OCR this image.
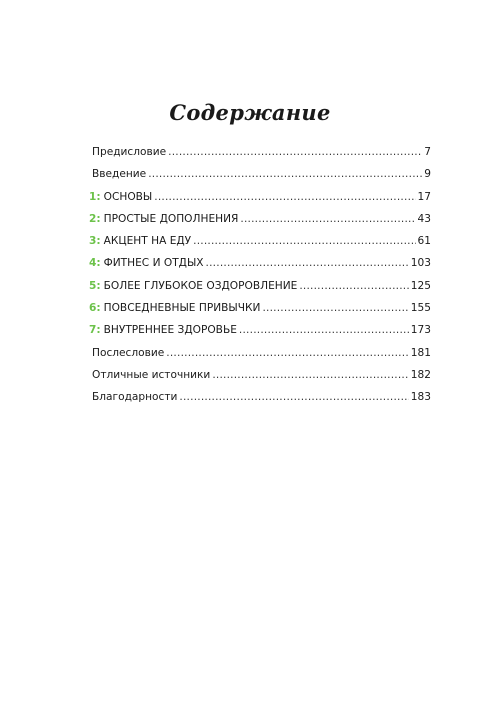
Содержание
Предисловие .....	7
Введение .....	9
1 : ОСНОВЫ .....	17
2 : ПРОСТЫЕ ДОПОЛНЕНИЯ .....	43
3 : АКЦЕНТ НА ЕДУ .....	61
4 : ФИТНЕС И ОТДЫХ .....	103
5 : БОЛЕЕ ГЛУБОКОЕ ОЗДОРОВЛЕНИЕ .....	125
6 : ПОВСЕДНЕВНЫЕ ПРИВЫЧКИ .....	155
7 : ВНУТРЕННЕЕ ЗДОРОВЬЕ .....	173
Послесловие .....	181
Отличные источники .....	182
Благодарности .....	183
